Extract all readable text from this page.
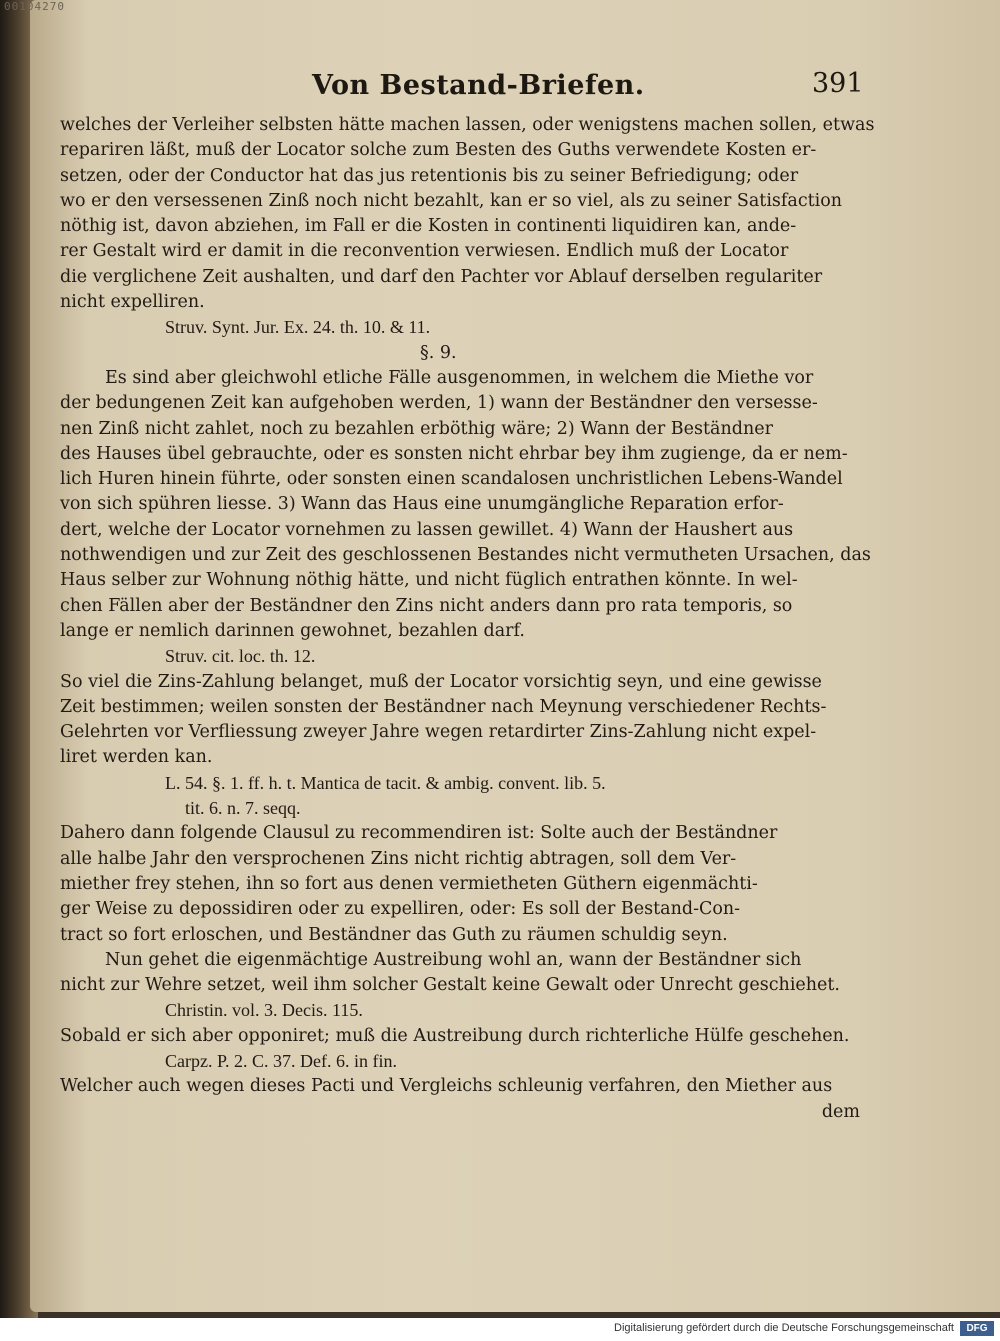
00104270
Von Bestand-Briefen.	391
welches der Verleiher selbsten hätte machen lassen, oder wenigstens machen sollen, etwas
repariren läßt, muß der Locator solche zum Besten des Guths verwendete Kosten er-
setzen, oder der Conductor hat das jus retentionis bis zu seiner Befriedigung; oder
wo er den versessenen Zinß noch nicht bezahlt, kan er so viel, als zu seiner Satisfaction
nöthig ist, davon abziehen, im Fall er die Kosten in continenti liquidiren kan, ande-
rer Gestalt wird er damit in die reconvention verwiesen. Endlich muß der Locator
die verglichene Zeit aushalten, und darf den Pachter vor Ablauf derselben regulariter
nicht expelliren.
Struv. Synt. Jur. Ex. 24. th. 10. & 11.
§. 9.
Es sind aber gleichwohl etliche Fälle ausgenommen, in welchem die Miethe vor
der bedungenen Zeit kan aufgehoben werden, 1) wann der Beständner den versesse-
nen Zinß nicht zahlet, noch zu bezahlen erböthig wäre; 2) Wann der Beständner
des Hauses übel gebrauchte, oder es sonsten nicht ehrbar bey ihm zugienge, da er nem-
lich Huren hinein führte, oder sonsten einen scandalosen unchristlichen Lebens-Wandel
von sich spühren liesse. 3) Wann das Haus eine unumgängliche Reparation erfor-
dert, welche der Locator vornehmen zu lassen gewillet. 4) Wann der Haushert aus
nothwendigen und zur Zeit des geschlossenen Bestandes nicht vermutheten Ursachen, das
Haus selber zur Wohnung nöthig hätte, und nicht füglich entrathen könnte. In wel-
chen Fällen aber der Beständner den Zins nicht anders dann pro rata temporis, so
lange er nemlich darinnen gewohnet, bezahlen darf.
Struv. cit. loc. th. 12.
So viel die Zins-Zahlung belanget, muß der Locator vorsichtig seyn, und eine gewisse
Zeit bestimmen; weilen sonsten der Beständner nach Meynung verschiedener Rechts-
Gelehrten vor Verfliessung zweyer Jahre wegen retardirter Zins-Zahlung nicht expel-
liret werden kan.
L. 54. §. 1. ff. h. t. Mantica de tacit. & ambig. convent. lib. 5.
tit. 6. n. 7. seqq.
Dahero dann folgende Clausul zu recommendiren ist: Solte auch der Beständner
alle halbe Jahr den versprochenen Zins nicht richtig abtragen, soll dem Ver-
miether frey stehen, ihn so fort aus denen vermietheten Güthern eigenmächti-
ger Weise zu depossidiren oder zu expelliren, oder: Es soll der Bestand-Con-
tract so fort erloschen, und Beständner das Guth zu räumen schuldig seyn.
Nun gehet die eigenmächtige Austreibung wohl an, wann der Beständner sich
nicht zur Wehre setzet, weil ihm solcher Gestalt keine Gewalt oder Unrecht geschiehet.
Christin. vol. 3. Decis. 115.
Sobald er sich aber opponiret; muß die Austreibung durch richterliche Hülfe geschehen.
Carpz. P. 2. C. 37. Def. 6. in fin.
Welcher auch wegen dieses Pacti und Vergleichs schleunig verfahren, den Miether aus
dem
Digitalisierung gefördert durch die Deutsche Forschungsgemeinschaft	DFG
